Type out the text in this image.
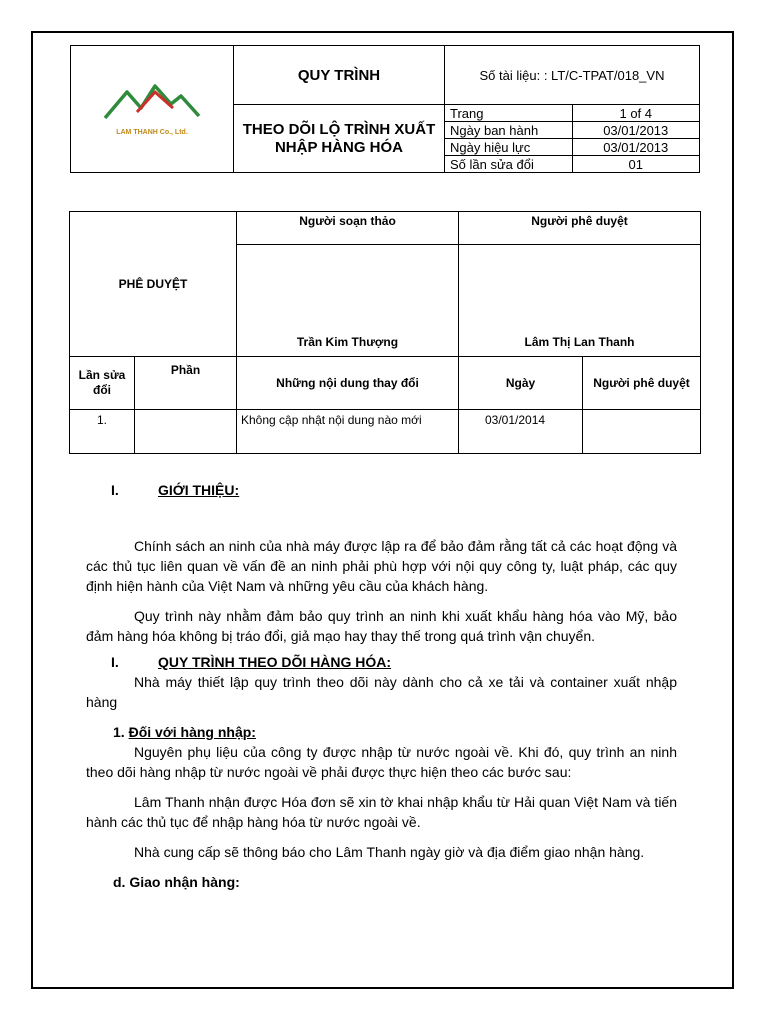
LAM THANH Co., Ltd.	QUY TRÌNH	Số tài liệu: : LT/C-TPAT/018_VN	

	THEO DÕI LỘ TRÌNH XUẤT NHẬP HÀNG HÓA	Trang	1 of 4
		Ngày ban hành	03/01/2013
		Ngày hiệu lực	03/01/2013
		Số lần sửa đổi	01
PHÊ DUYỆT		Người soạn thảo	Người phê duyệt	
		Trần Kim Thượng	Lâm Thị Lan Thanh	
Lần sửa đổi	Phần	Những nội dung thay đổi	Ngày	Người phê duyệt
1.		Không cập nhật nội dung nào mới	03/01/2014	

I.	GIỚI THIỆU:

Chính sách an ninh của nhà máy được lập ra để bảo đảm rằng tất cả các hoạt động và các thủ tục liên quan về vấn đề an ninh phải phù hợp với nội quy công ty, luật pháp, các quy định hiện hành của Việt Nam và những yêu cầu của khách hàng.

Quy trình này nhằm đảm bảo quy trình an ninh khi xuất khẩu hàng hóa vào Mỹ, bảo đảm hàng hóa không bị tráo đổi, giả mạo hay thay thế trong quá trình vận chuyển.

I.	QUY TRÌNH THEO DÕI HÀNG HÓA:

Nhà máy thiết lập quy trình theo dõi này dành cho cả xe tải và container xuất nhập hàng

1. Đối với hàng nhập:

Nguyên phụ liệu của công ty được nhập từ nước ngoài về. Khi đó, quy trình an ninh theo dõi hàng nhập từ nước ngoài về phải được thực hiện theo các bước sau:

Lâm Thanh nhận được Hóa đơn sẽ xin tờ khai nhập khẩu từ Hải quan Việt Nam và tiến hành các thủ tục để nhập hàng hóa từ nước ngoài về.

Nhà cung cấp sẽ thông báo cho Lâm Thanh ngày giờ và địa điểm giao nhận hàng.

d. Giao nhận hàng:
